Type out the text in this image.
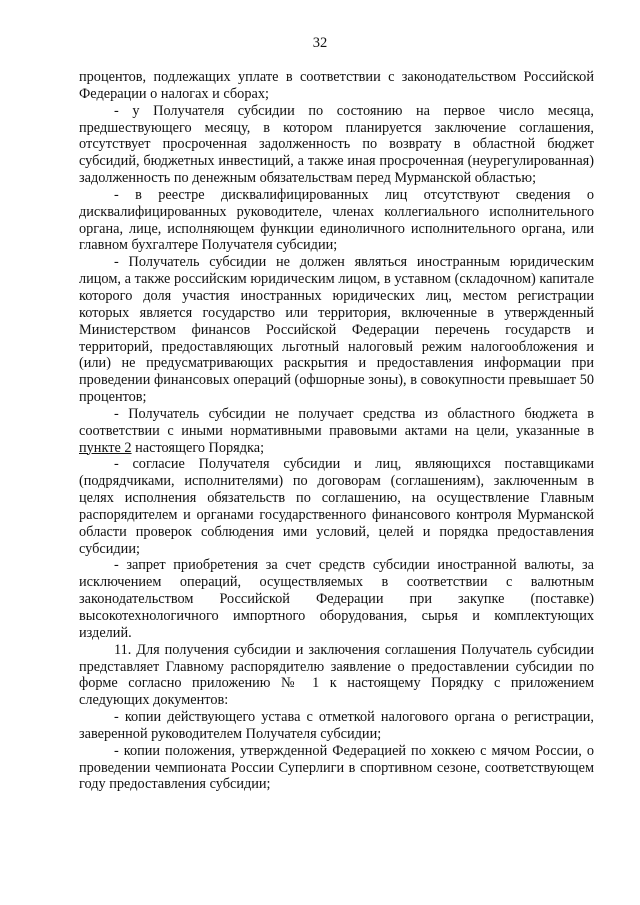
32

процентов, подлежащих уплате в соответствии с законодательством Российской Федерации о налогах и сборах;

- у Получателя субсидии по состоянию на первое число месяца, предшествующего месяцу, в котором планируется заключение соглашения, отсутствует просроченная задолженность по возврату в областной бюджет субсидий, бюджетных инвестиций, а также иная просроченная (неурегулированная) задолженность по денежным обязательствам перед Мурманской областью;

- в реестре дисквалифицированных лиц отсутствуют сведения о дисквалифицированных руководителе, членах коллегиального исполнительного органа, лице, исполняющем функции единоличного исполнительного органа, или главном бухгалтере Получателя субсидии;

- Получатель субсидии не должен являться иностранным юридическим лицом, а также российским юридическим лицом, в уставном (складочном) капитале которого доля участия иностранных юридических лиц, местом регистрации которых является государство или территория, включенные в утвержденный Министерством финансов Российской Федерации перечень государств и территорий, предоставляющих льготный налоговый режим налогообложения и (или) не предусматривающих раскрытия и предоставления информации при проведении финансовых операций (офшорные зоны), в совокупности превышает 50 процентов;

- Получатель субсидии не получает средства из областного бюджета в соответствии с иными нормативными правовыми актами на цели, указанные в пункте 2 настоящего Порядка;

- согласие Получателя субсидии и лиц, являющихся поставщиками (подрядчиками, исполнителями) по договорам (соглашениям), заключенным в целях исполнения обязательств по соглашению, на осуществление Главным распорядителем и органами государственного финансового контроля Мурманской области проверок соблюдения ими условий, целей и порядка предоставления субсидии;

- запрет приобретения за счет средств субсидии иностранной валюты, за исключением операций, осуществляемых в соответствии с валютным законодательством Российской Федерации при закупке (поставке) высокотехнологичного импортного оборудования, сырья и комплектующих изделий.

11. Для получения субсидии и заключения соглашения Получатель субсидии представляет Главному распорядителю заявление о предоставлении субсидии по форме согласно приложению № 1 к настоящему Порядку с приложением следующих документов:

- копии действующего устава с отметкой налогового органа о регистрации, заверенной руководителем Получателя субсидии;

- копии положения, утвержденной Федерацией по хоккею с мячом России, о проведении чемпионата России Суперлиги в спортивном сезоне, соответствующем году предоставления субсидии;
